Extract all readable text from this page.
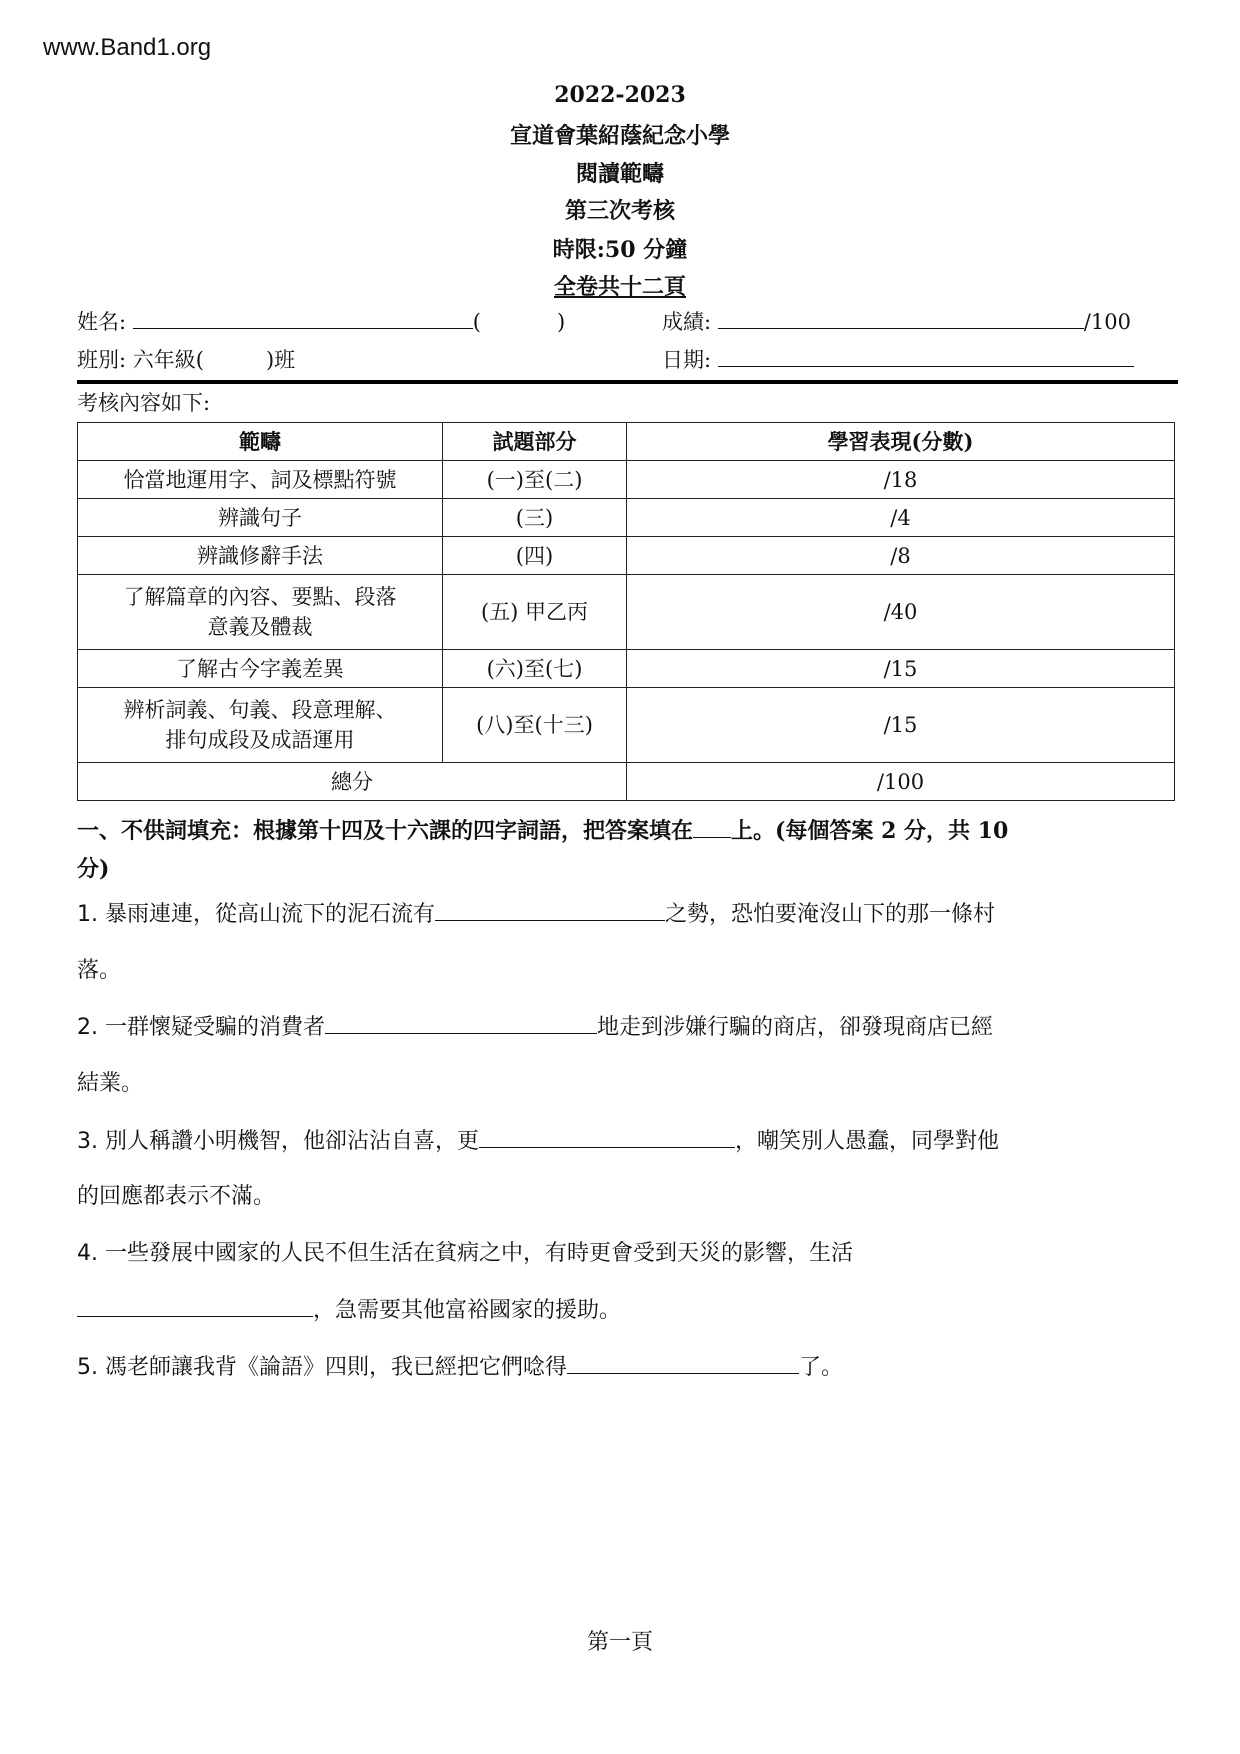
www.Band1.org
2022-2023
宣道會葉紹蔭紀念小學
閱讀範疇
第三次考核
時限:50 分鐘
全卷共十二頁
姓名:	(	)	成績:	/100
班別: 六年級(	)班	日期:
考核內容如下:
範疇	試題部分	學習表現(分數)
恰當地運用字、詞及標點符號	(一)至(二)	/18
辨識句子	(三)	/4
辨識修辭手法	(四)	/8

了解篇章的內容、要點、段落
意義及體裁	(五) 甲乙丙	/40
了解古今字義差異	(六)至(七)	/15

辨析詞義、句義、段意理解、
排句成段及成語運用	(八)至(十三)	/15
總分		/100
一、不供詞填充：根據第十四及十六課的四字詞語，把答案填在 上。(每個答案 2 分，共 10
分)
1. 暴雨連連，從高山流下的泥石流有	之勢，恐怕要淹沒山下的那一條村
落。
2. 一群懷疑受騙的消費者	地走到涉嫌行騙的商店，卻發現商店已經
結業。
3. 別人稱讚小明機智，他卻沾沾自喜，更	，嘲笑別人愚蠢，同學對他
的回應都表示不滿。
4. 一些發展中國家的人民不但生活在貧病之中，有時更會受到天災的影響，生活
，急需要其他富裕國家的援助。
5. 馮老師讓我背《論語》四則，我已經把它們唸得	了。
第一頁
